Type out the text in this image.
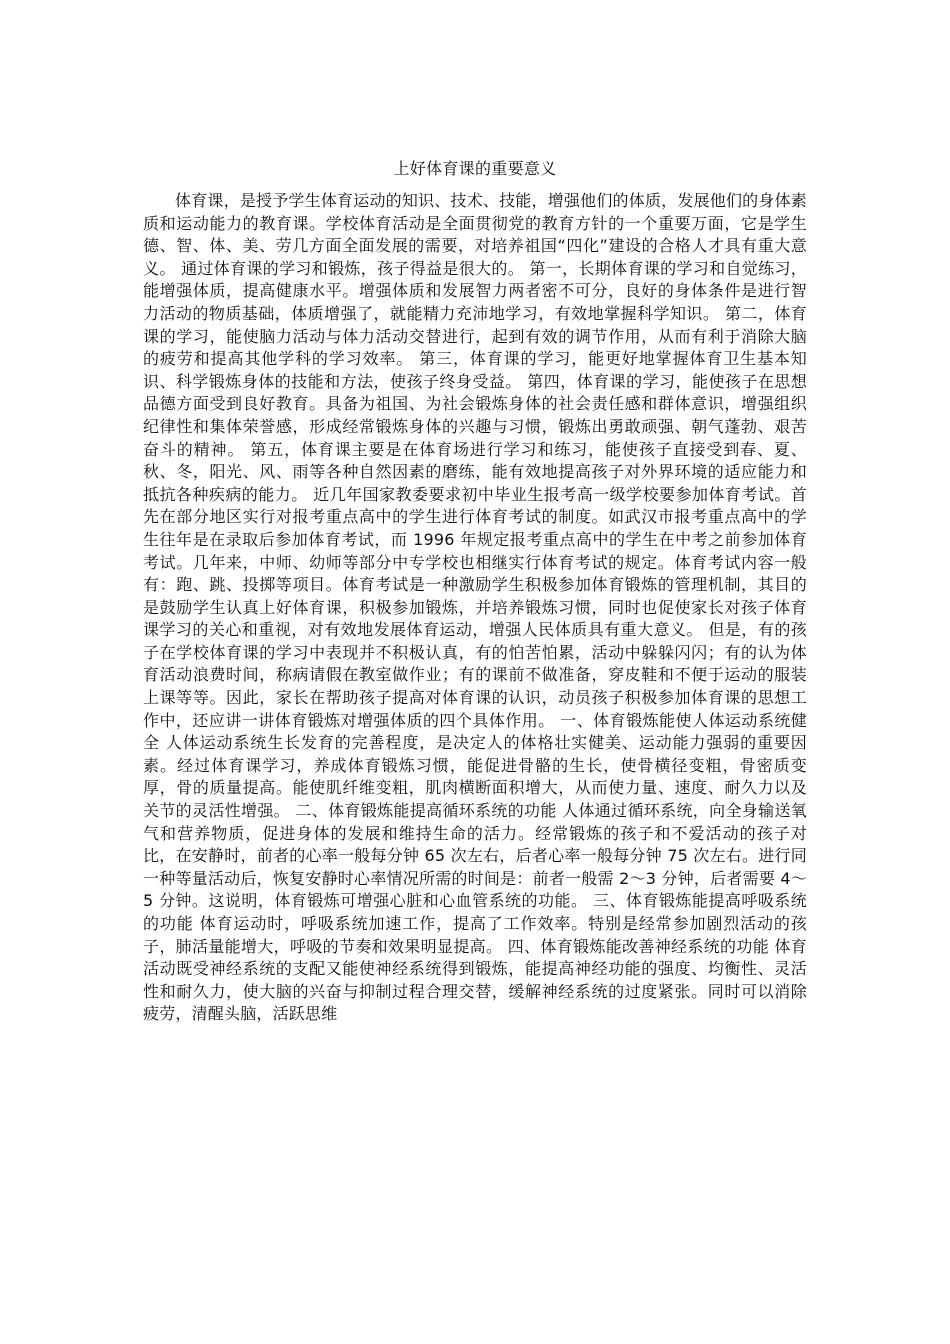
上好体育课的重要意义

体育课，是授予学生体育运动的知识、技术、技能，增强他们的体质，发展他们的身体素质和运动能力的教育课。学校体育活动是全面贯彻党的教育方针的一个重要万面，它是学生德、智、体、美、劳几方面全面发展的需要，对培养祖国“四化”建设的合格人才具有重大意义。 通过体育课的学习和锻炼，孩子得益是很大的。 第一，长期体育课的学习和自觉练习，能增强体质，提高健康水平。增强体质和发展智力两者密不可分，良好的身体条件是进行智力活动的物质基础，体质增强了，就能精力充沛地学习，有效地掌握科学知识。 第二，体育课的学习，能使脑力活动与体力活动交替进行，起到有效的调节作用，从而有利于消除大脑的疲劳和提高其他学科的学习效率。 第三，体育课的学习，能更好地掌握体育卫生基本知识、科学锻炼身体的技能和方法，使孩子终身受益。 第四，体育课的学习，能使孩子在思想品德方面受到良好教育。具备为祖国、为社会锻炼身体的社会责任感和群体意识，增强组织纪律性和集体荣誉感，形成经常锻炼身体的兴趣与习惯，锻炼出勇敢顽强、朝气蓬勃、艰苦奋斗的精神。 第五，体育课主要是在体育场进行学习和练习，能使孩子直接受到春、夏、秋、冬，阳光、风、雨等各种自然因素的磨练，能有效地提高孩子对外界环境的适应能力和抵抗各种疾病的能力。 近几年国家教委要求初中毕业生报考高一级学校要参加体育考试。首先在部分地区实行对报考重点高中的学生进行体育考试的制度。如武汉市报考重点高中的学生往年是在录取后参加体育考试，而 1996 年规定报考重点高中的学生在中考之前参加体育考试。几年来，中师、幼师等部分中专学校也相继实行体育考试的规定。体育考试内容一般有：跑、跳、投掷等项目。体育考试是一种激励学生积极参加体育锻炼的管理机制，其目的是鼓励学生认真上好体育课，积极参加锻炼，并培养锻炼习惯，同时也促使家长对孩子体育课学习的关心和重视，对有效地发展体育运动，增强人民体质具有重大意义。 但是，有的孩子在学校体育课的学习中表现并不积极认真，有的怕苦怕累，活动中躲躲闪闪；有的认为体育活动浪费时间，称病请假在教室做作业；有的课前不做准备，穿皮鞋和不便于运动的服装上课等等。因此，家长在帮助孩子提高对体育课的认识，动员孩子积极参加体育课的思想工作中，还应讲一讲体育锻炼对增强体质的四个具体作用。 一、体育锻炼能使人体运动系统健全 人体运动系统生长发育的完善程度，是决定人的体格壮实健美、运动能力强弱的重要因素。经过体育课学习，养成体育锻炼习惯，能促进骨骼的生长，使骨横径变粗，骨密质变厚，骨的质量提高。能使肌纤维变粗，肌肉横断面积增大，从而使力量、速度、耐久力以及关节的灵活性增强。 二、体育锻炼能提高循环系统的功能 人体通过循环系统，向全身输送氧气和营养物质，促进身体的发展和维持生命的活力。经常锻炼的孩子和不爱活动的孩子对比，在安静时，前者的心率一般每分钟 65 次左右，后者心率一般每分钟 75 次左右。进行同一种等量活动后，恢复安静时心率情况所需的时间是：前者一般需 2～3 分钟，后者需要 4～5 分钟。这说明，体育锻炼可增强心脏和心血管系统的功能。 三、体育锻炼能提高呼吸系统的功能 体育运动时，呼吸系统加速工作，提高了工作效率。特别是经常参加剧烈活动的孩子，肺活量能增大，呼吸的节奏和效果明显提高。 四、体育锻炼能改善神经系统的功能 体育活动既受神经系统的支配又能使神经系统得到锻炼，能提高神经功能的强度、均衡性、灵活性和耐久力，使大脑的兴奋与抑制过程合理交替，缓解神经系统的过度紧张。同时可以消除疲劳，清醒头脑，活跃思维
